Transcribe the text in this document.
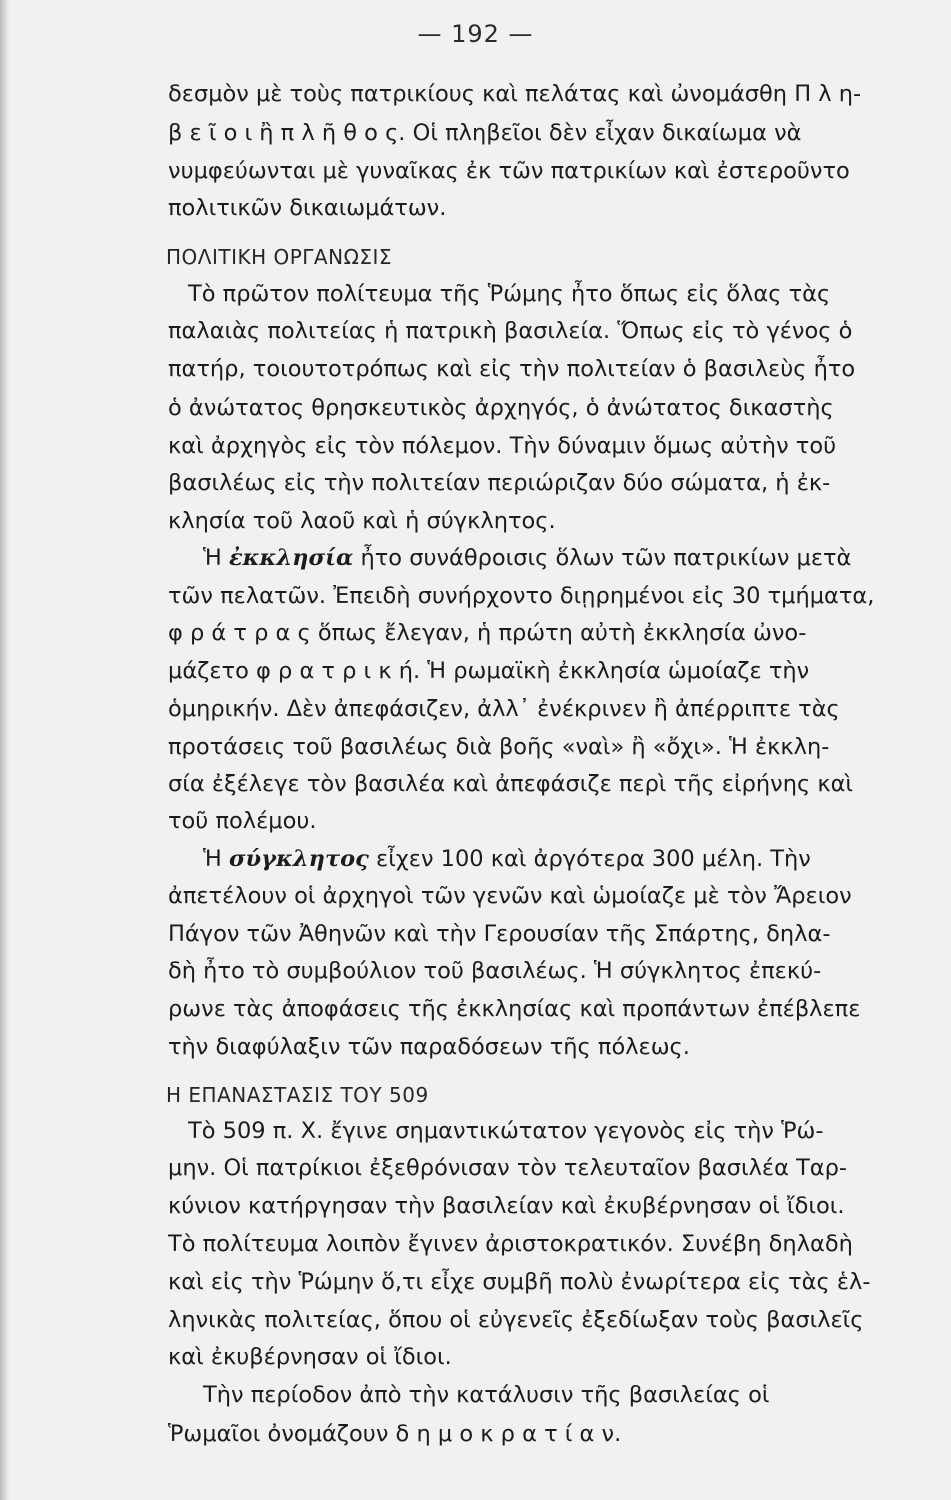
— 192 —
δεσμὸν μὲ τοὺς πατρικίους καὶ πελάτας καὶ ὠνομάσθη Π λ η-
β ε ῖ ο ι ἢ π λ ῆ θ ο ς. Οἱ πληβεῖοι δὲν εἶχαν δικαίωμα νὰ
νυμφεύωνται μὲ γυναῖκας ἐκ τῶν πατρικίων καὶ ἐστεροῦντο
πολιτικῶν δικαιωμάτων.
ΠΟΛΙΤΙΚΗ ΟΡΓΑΝΩΣΙΣ
Τὸ πρῶτον πολίτευμα τῆς Ῥώμης ἦτο ὅπως εἰς ὅλας τὰς
παλαιὰς πολιτείας ἡ πατρικὴ βασιλεία. Ὅπως εἰς τὸ γένος ὁ
πατήρ, τοιουτοτρόπως καὶ εἰς τὴν πολιτείαν ὁ βασιλεὺς ἦτο
ὁ ἀνώτατος θρησκευτικὸς ἀρχηγός, ὁ ἀνώτατος δικαστὴς
καὶ ἀρχηγὸς εἰς τὸν πόλεμον. Τὴν δύναμιν ὅμως αὐτὴν τοῦ
βασιλέως εἰς τὴν πολιτείαν περιώριζαν δύο σώματα, ἡ ἐκ-
κλησία τοῦ λαοῦ καὶ ἡ σύγκλητος.
Ἡ ἐκκλησία ἦτο συνάθροισις ὅλων τῶν πατρικίων μετὰ
τῶν πελατῶν. Ἐπειδὴ συνήρχοντο διῃρημένοι εἰς 30 τμήματα,
φ ρ ά τ ρ α ς ὅπως ἔλεγαν, ἡ πρώτη αὐτὴ ἐκκλησία ὠνο-
μάζετο φ ρ α τ ρ ι κ ή. Ἡ ρωμαϊκὴ ἐκκλησία ὡμοίαζε τὴν
ὁμηρικήν. Δὲν ἀπεφάσιζεν, ἀλλ᾽ ἐνέκρινεν ἢ ἀπέρριπτε τὰς
προτάσεις τοῦ βασιλέως διὰ βοῆς «ναὶ» ἢ «ὄχι». Ἡ ἐκκλη-
σία ἐξέλεγε τὸν βασιλέα καὶ ἀπεφάσιζε περὶ τῆς εἰρήνης καὶ
τοῦ πολέμου.
Ἡ σύγκλητος εἶχεν 100 καὶ ἀργότερα 300 μέλη. Τὴν
ἀπετέλουν οἱ ἀρχηγοὶ τῶν γενῶν καὶ ὡμοίαζε μὲ τὸν Ἄρειον
Πάγον τῶν Ἀθηνῶν καὶ τὴν Γερουσίαν τῆς Σπάρτης, δηλα-
δὴ ἦτο τὸ συμβούλιον τοῦ βασιλέως. Ἡ σύγκλητος ἐπεκύ-
ρωνε τὰς ἀποφάσεις τῆς ἐκκλησίας καὶ προπάντων ἐπέβλεπε
τὴν διαφύλαξιν τῶν παραδόσεων τῆς πόλεως.
Η ΕΠΑΝΑΣΤΑΣΙΣ ΤΟΥ 509
Τὸ 509 π. Χ. ἔγινε σημαντικώτατον γεγονὸς εἰς τὴν Ῥώ-
μην. Οἱ πατρίκιοι ἐξεθρόνισαν τὸν τελευταῖον βασιλέα Ταρ-
κύνιον κατήργησαν τὴν βασιλείαν καὶ ἐκυβέρνησαν οἱ ἴδιοι.
Τὸ πολίτευμα λοιπὸν ἔγινεν ἀριστοκρατικόν. Συνέβη δηλαδὴ
καὶ εἰς τὴν Ῥώμην ὅ,τι εἶχε συμβῆ πολὺ ἐνωρίτερα εἰς τὰς ἑλ-
ληνικὰς πολιτείας, ὅπου οἱ εὐγενεῖς ἐξεδίωξαν τοὺς βασιλεῖς
καὶ ἐκυβέρνησαν οἱ ἴδιοι.
Τὴν περίοδον ἀπὸ τὴν κατάλυσιν τῆς βασιλείας οἱ
Ῥωμαῖοι ὀνομάζουν δ η μ ο κ ρ α τ ί α ν.
